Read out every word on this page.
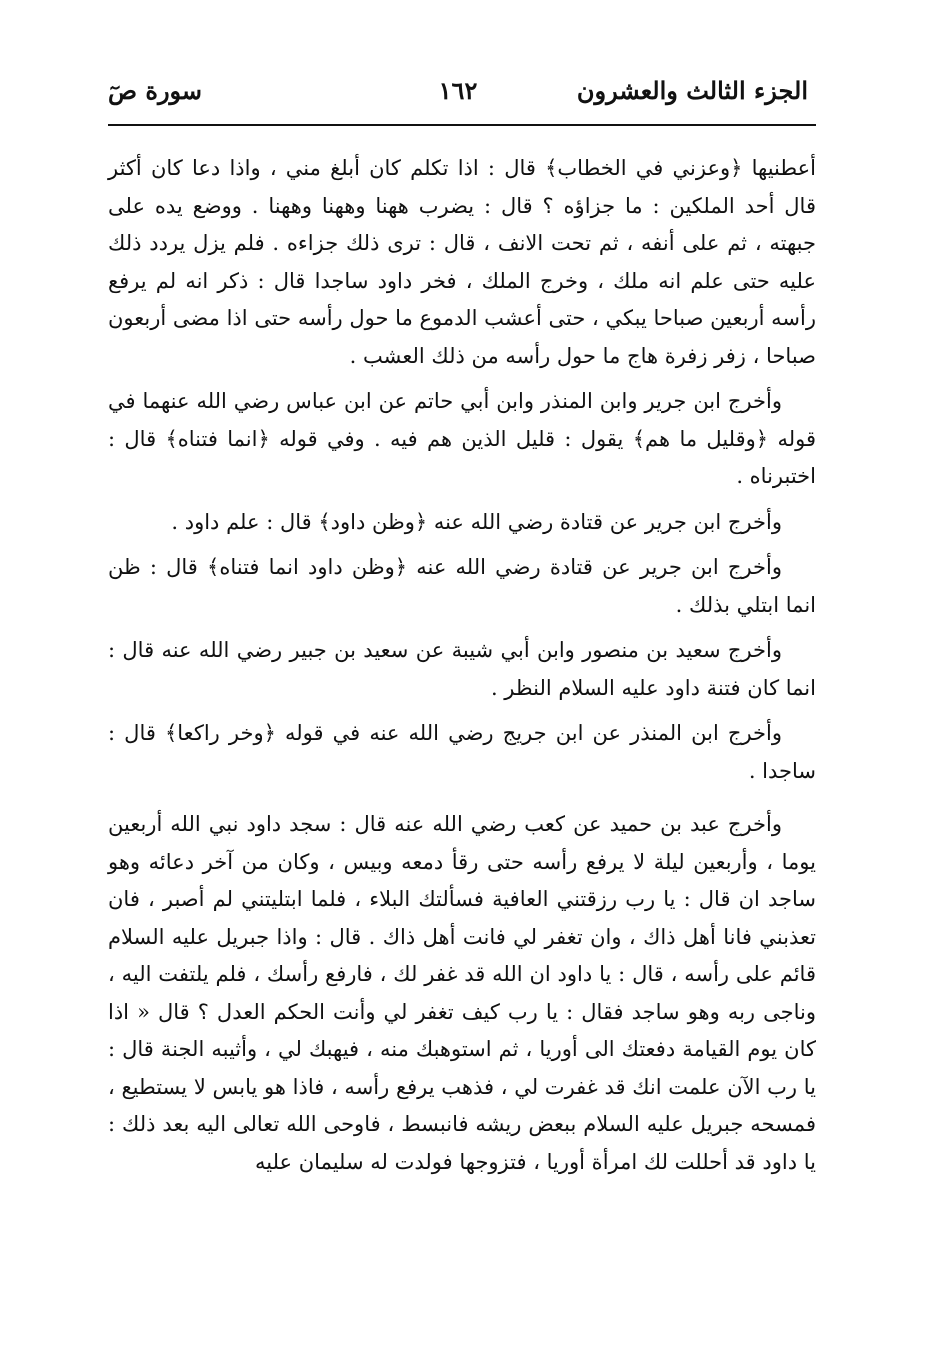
الجزء الثالث والعشرون
١٦٢
سورة صٓ

أعطنيها ﴿وعزني في الخطاب﴾ قال : اذا تكلم كان أبلغ مني ، واذا دعا كان أكثر قال أحد الملكين : ما جزاؤه ؟ قال : يضرب ههنا وههنا وههنا . ووضع يده على جبهته ، ثم على أنفه ، ثم تحت الانف ، قال : ترى ذلك جزاءه . فلم يزل يردد ذلك عليه حتى علم انه ملك ، وخرج الملك ، فخر داود ساجدا قال : ذكر انه لم يرفع رأسه أربعين صباحا يبكي ، حتى أعشب الدموع ما حول رأسه حتى اذا مضى أربعون صباحا ، زفر زفرة هاج ما حول رأسه من ذلك العشب .

وأخرج ابن جرير وابن المنذر وابن أبي حاتم عن ابن عباس رضي الله عنهما في قوله ﴿وقليل ما هم﴾ يقول : قليل الذين هم فيه . وفي قوله ﴿انما فتناه﴾ قال : اختبرناه .

وأخرج ابن جرير عن قتادة رضي الله عنه ﴿وظن داود﴾ قال : علم داود .

وأخرج ابن جرير عن قتادة رضي الله عنه ﴿وظن داود انما فتناه﴾ قال : ظن انما ابتلي بذلك .

وأخرج سعيد بن منصور وابن أبي شيبة عن سعيد بن جبير رضي الله عنه قال : انما كان فتنة داود عليه السلام النظر .

وأخرج ابن المنذر عن ابن جريج رضي الله عنه في قوله ﴿وخر راكعا﴾ قال : ساجدا .

وأخرج عبد بن حميد عن كعب رضي الله عنه قال : سجد داود نبي الله أربعين يوما ، وأربعين ليلة لا يرفع رأسه حتى رقأ دمعه وبيس ، وكان من آخر دعائه وهو ساجد ان قال : يا رب رزقتني العافية فسألتك البلاء ، فلما ابتليتني لم أصبر ، فان تعذبني فانا أهل ذاك ، وان تغفر لي فانت أهل ذاك . قال : واذا جبريل عليه السلام قائم على رأسه ، قال : يا داود ان الله قد غفر لك ، فارفع رأسك ، فلم يلتفت اليه ، وناجى ربه وهو ساجد فقال : يا رب كيف تغفر لي وأنت الحكم العدل ؟ قال « اذا كان يوم القيامة دفعتك الى أوريا ، ثم استوهبك منه ، فيهبك لي ، وأثيبه الجنة قال : يا رب الآن علمت انك قد غفرت لي ، فذهب يرفع رأسه ، فاذا هو يابس لا يستطيع ، فمسحه جبريل عليه السلام ببعض ريشه فانبسط ، فاوحى الله تعالى اليه بعد ذلك : يا داود قد أحللت لك امرأة أوريا ، فتزوجها فولدت له سليمان عليه
